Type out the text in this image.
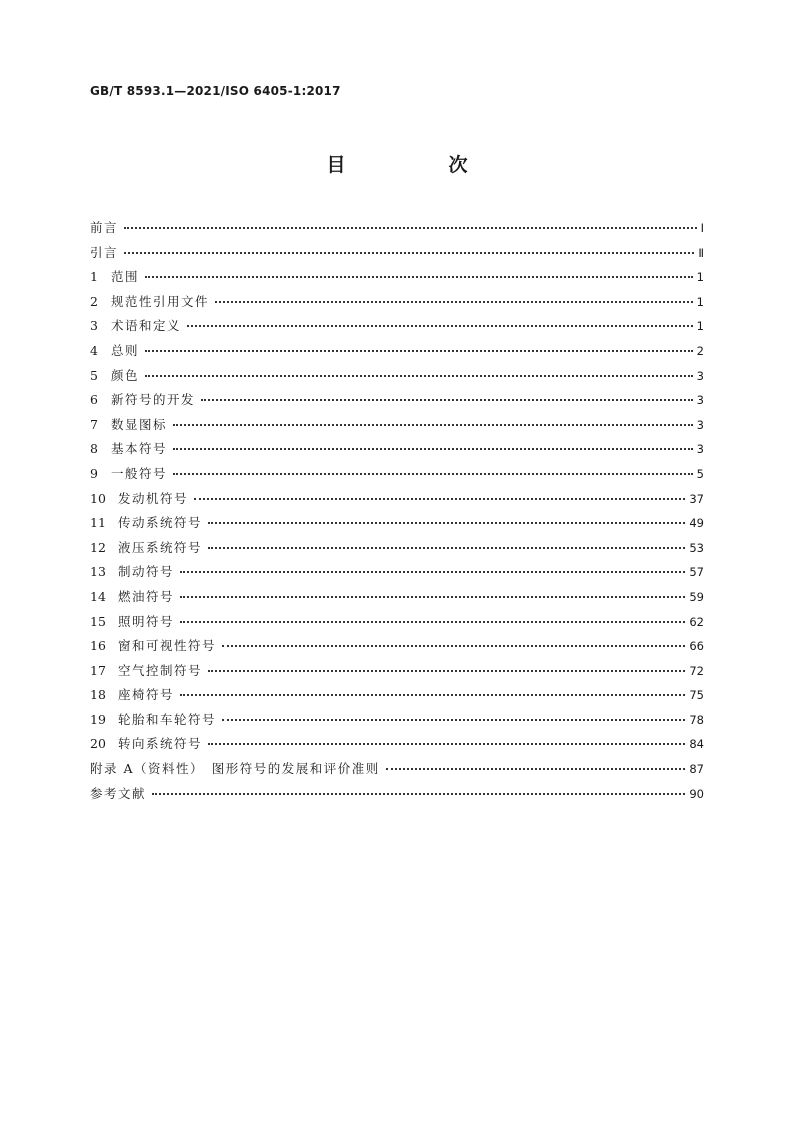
GB/T 8593.1—2021/ISO 6405-1:2017
目　次
前言	Ⅰ
引言	Ⅱ
1	范围	1
2	规范性引用文件	1
3	术语和定义	1
4	总则	2
5	颜色	3
6	新符号的开发	3
7	数显图标	3
8	基本符号	3
9	一般符号	5
10 发动机符号	37
11 传动系统符号	49
12 液压系统符号	53
13 制动符号	57
14 燃油符号	59
15 照明符号	62
16 窗和可视性符号	66
17 空气控制符号	72
18 座椅符号	75
19 轮胎和车轮符号	78
20 转向系统符号	84
附录 A（资料性）　图形符号的发展和评价准则	87
参考文献	90
